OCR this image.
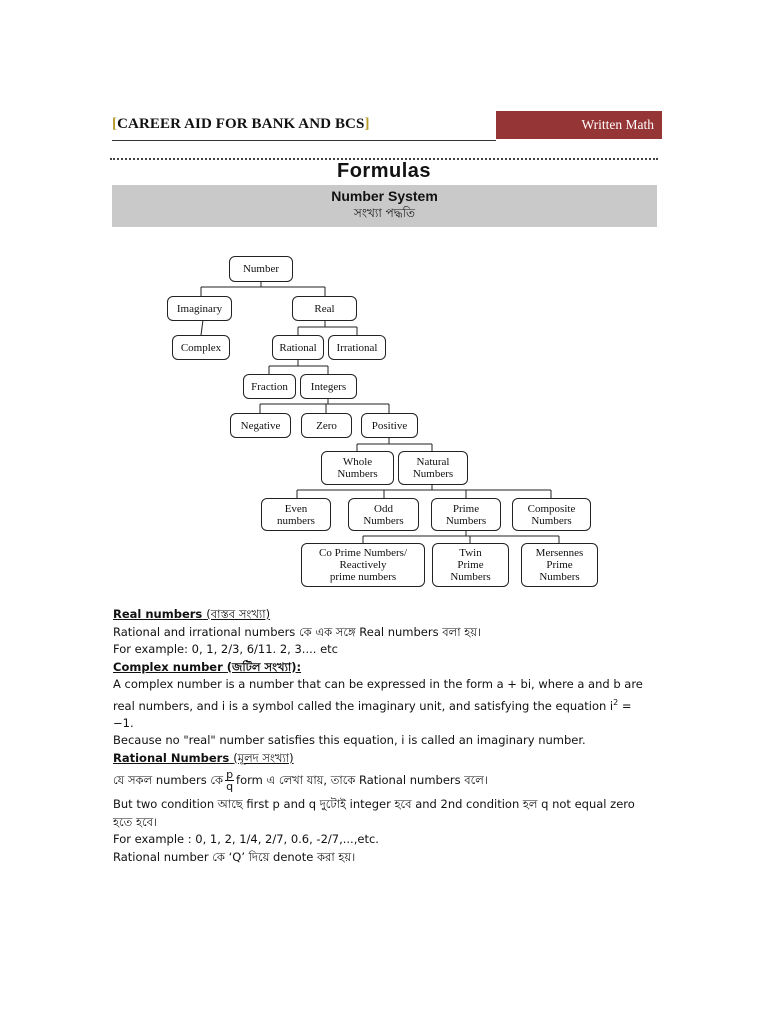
[CAREER AID FOR BANK AND BCS]	Written Math
Formulas
Number System
সংখ্যা পদ্ধতি
Number
Imaginary	Real
Complex	Rational	Irrational
Fraction	Integers
Negative	Zero	Positive
Whole
Numbers
Natural
Numbers
Even
numbers
Odd
Numbers
Prime
Numbers
Composite
Numbers
Co Prime Numbers/
Reactively
prime numbers
Twin
Prime
Numbers
Mersennes
Prime
Numbers

Real numbers (বাস্তব সংখ্যা)

Rational and irrational numbers কে এক সঙ্গে Real numbers বলা হয়।

For example: 0, 1, 2/3, 6/11. 2, 3.... etc

Complex number (জটিল সংখ্যা):

A complex number is a number that can be expressed in the form a + bi, where a and b are

real numbers, and i is a symbol called the imaginary unit, and satisfying the equation $i^2 = -1$.

Because no "real" number satisfies this equation, i is called an imaginary number.

Rational Numbers (মূলদ সংখ্যা)

যে সকল numbers কে $\frac{p}{q}$ form এ লেখা যায়, তাকে Rational numbers বলে।

But two condition আছে first p and q দুটোই integer হবে and 2nd condition হল q not equal zero হতে হবে।

For example : 0, 1, 2, 1/4, 2/7, 0.6, -2/7,...,etc.

Rational number কে ‘Q’ দিয়ে denote করা হয়।
